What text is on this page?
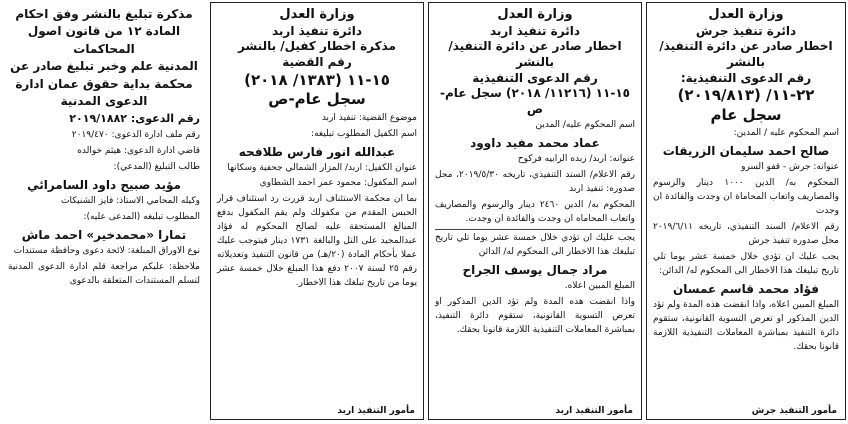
وزارة العدل
دائرة تنفيذ جرش
اخطار صادر عن دائرة التنفيذ/ بالنشر
رقم الدعوى التنفيذية:
٢٢-١١/ (٢٠١٩/٨١٣)
سجل عام
اسم المحكوم عليه / المدين:
صالح احمد سليمان الزريقات
عنوانه: جرش - قفو السرو
المحكوم به/ الدين ١٠٠٠ دينار والرسوم والمصاريف واتعاب المحاماة ان وجدت والفائدة ان وجدت
رقم الاعلام/ السند التنفيذي، تاريخه ٢٠١٩/٦/١١ محل صدوره تنفيذ جرش
يجب عليك ان تؤدي خلال خمسة عشر يوما تلي تاريخ تبليغك هذا الاخطار الى المحكوم له/ الدائن:
فؤاد محمد قاسم عمسان
المبلغ المبين اعلاه، واذا انقضت هذه المدة ولم تؤد الدين المذكور او تعرض التسوية القانونية، ستقوم دائرة التنفيذ بمباشرة المعاملات التنفيذية اللازمة قانونا بحقك.
مأمور التنفيذ جرش
وزارة العدل
دائرة تنفيذ اربد
اخطار صادر عن دائرة التنفيذ/بالنشر
رقم الدعوى التنفيذية
١٥-١١ (١١٢١٦/ ٢٠١٨) سجل عام-ص
اسم المحكوم عليه/ المدين
عماد محمد مفيد داوود
عنوانه: اربد/ زبده الرابيه فركوح
رقم الاعلام/ السند التنفيذي، تاريخه ٢٠١٩/٥/٣٠، محل صدوره: تنفيذ اربد
المحكوم به/ الدين ٢٤٦٠ دينار والرسوم والمصاريف واتعاب المحاماه ان وجدت والفائدة ان وجدت.
يجب عليك ان تؤدي خلال خمسة عشر يوما تلي تاريخ تبليغك هذا الاخطار الى المحكوم له/ الدائن
مراد جمال يوسف الجراح
المبلغ المبين اعلاه.
واذا انقضت هذه المدة ولم تؤد الدين المذكور او تعرض التسوية القانونية، ستقوم دائرة التنفيذ، بمباشرة المعاملات التنفيذية اللازمة قانونا بحقك.
مأمور التنفيذ اربد
وزارة العدل
دائرة تنفيذ اربد
مذكرة اخطار كفيل/ بالنشر
رقم القضية
١٥-١١ (١٣٨٣/ ٢٠١٨)
سجل عام-ص
موضوع القضية: تنفيذ اربد
اسم الكفيل المطلوب تبليغه:
عبدالله انور فارس طلافحه
عنوان الكفيل: اربد/ المزار الشمالي جحفية وسكانها
اسم المكفول: محمود عمر احمد الشطاوي
بما ان محكمة الاستئناف اربد قررت رد استئناف قرار الحبس المقدم من مكفولك ولم يقم المكفول بدفع المبالغ المستحقة عليه لصالح المحكوم له فؤاد عبدالمجيد على التل والبالغة ١٧٣١ دينار فيتوجب عليك عملا بأحكام المادة (٢٠/هـ) من قانون التنفيذ وتعديلاته رقم ٢٥ لسنة ٢٠٠٧ دفع هذا المبلغ خلال خمسة عشر يوما من تاريخ تبلغك هذا الاخطار.
مأمور التنفيذ اربد
مذكرة تبليغ بالنشر وفق احكام
المادة ١٢ من قانون اصول المحاكمات
المدنية علم وخبر تبليغ صادر عن
محكمة بداية حقوق عمان ادارة
الدعوى المدنية
رقم الدعوى: ٢٠١٩/١٨٨٢
رقم ملف ادارة الدعوى: ٢٠١٩/٤٧٠
قاضي ادارة الدعوى: هيثم خوالده
طالب التبليغ (المدعي):
مؤيد صبيح داود السامرائي
وكيله المحامي الاستاذ: فايز الشنيكات
المطلوب تبليغه (المدعى عليه):
تمارا «محمدخير» احمد ماش
نوع الاوراق المبلغة: لائحة دعوى وحافظة مستندات
ملاحظة: عليكم مراجعة قلم ادارة الدعوى المدنية لتسلم المستندات المتعلقة بالدعوى
